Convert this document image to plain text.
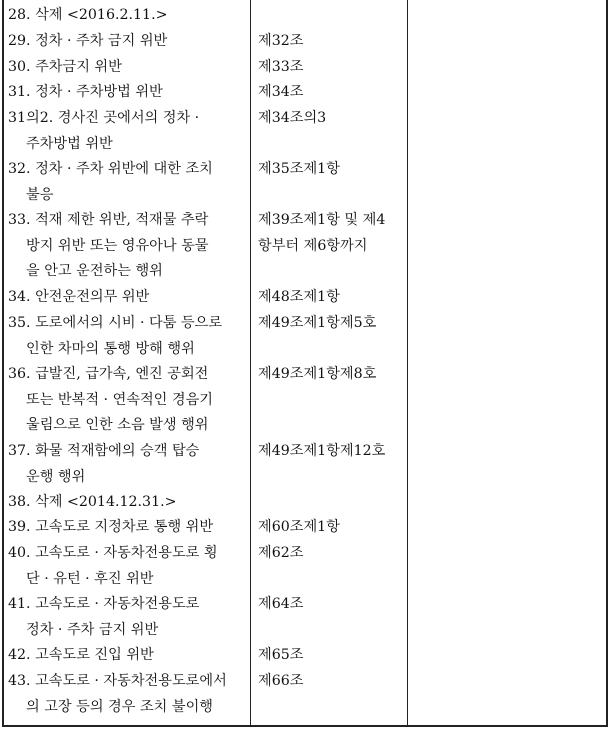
28. 삭제 <2016.2.11.>
29. 정차 · 주차 금지 위반
30. 주차금지 위반
31. 정차 · 주차방법 위반
31의2. 경사진 곳에서의 정차 ·
주차방법 위반
32. 정차 · 주차 위반에 대한 조치
불응
33. 적재 제한 위반, 적재물 추락
방지 위반 또는 영유아나 동물
을 안고 운전하는 행위
34. 안전운전의무 위반
35. 도로에서의 시비 · 다툼 등으로
인한 차마의 통행 방해 행위
36. 급발진, 급가속, 엔진 공회전
또는 반복적 · 연속적인 경음기
울림으로 인한 소음 발생 행위
37. 화물 적재함에의 승객 탑승
운행 행위
38. 삭제 <2014.12.31.>
39. 고속도로 지정차로 통행 위반
40. 고속도로 · 자동차전용도로 횡
단 · 유턴 · 후진 위반
41. 고속도로 · 자동차전용도로
정차 · 주차 금지 위반
42. 고속도로 진입 위반
43. 고속도로 · 자동차전용도로에서
의 고장 등의 경우 조치 불이행
제32조
제33조
제34조
제34조의3
제35조제1항
제39조제1항 및 제4
항부터 제6항까지
제48조제1항
제49조제1항제5호
제49조제1항제8호
제49조제1항제12호
제60조제1항
제62조
제64조
제65조
제66조
